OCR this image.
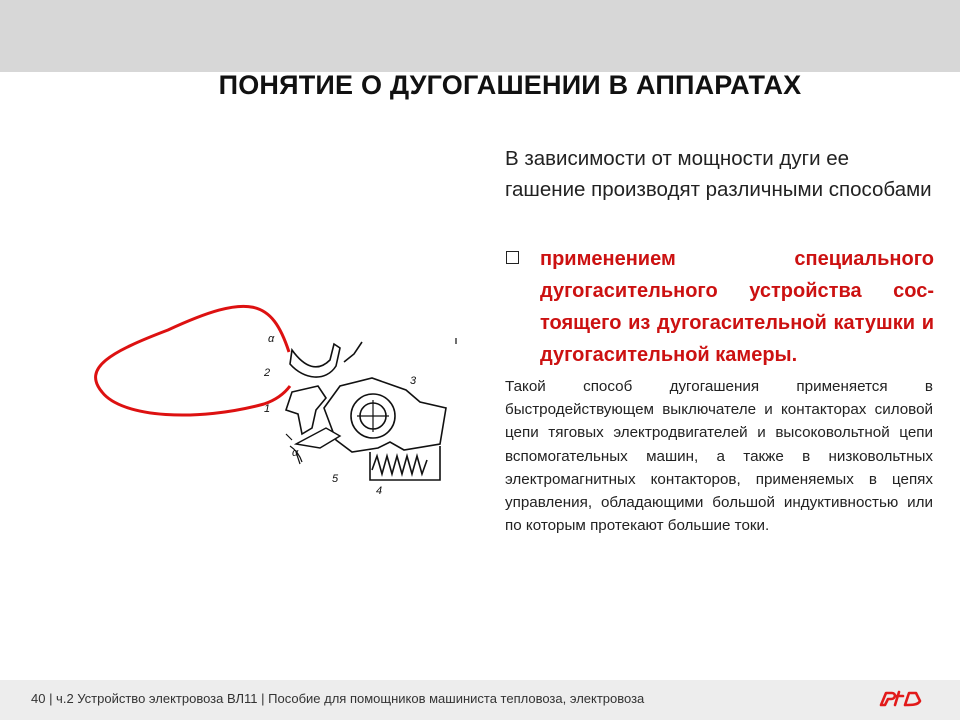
ПОНЯТИЕ О ДУГОГАШЕНИИ В АППАРАТАХ
α
2
1
3
4
5
α
В зависимости от мощности дуги ее гашение производят различными способами
применением специального дугогасительного устройства состоящего из дугогасительной катушки и дугогасительной камеры.
Такой способ дугогашения применяется в быстродействующем выключателе и контакторах силовой цепи тяговых электродвигателей и высоковольтной цепи вспомогательных машин, а также в низковольтных электромагнитных контакторов, применяемых в цепях управления, обладающими большой индуктивностью или по которым протекают большие токи.
40 | ч.2 Устройство электровоза ВЛ11 | Пособие для помощников машиниста тепловоза, электровоза
